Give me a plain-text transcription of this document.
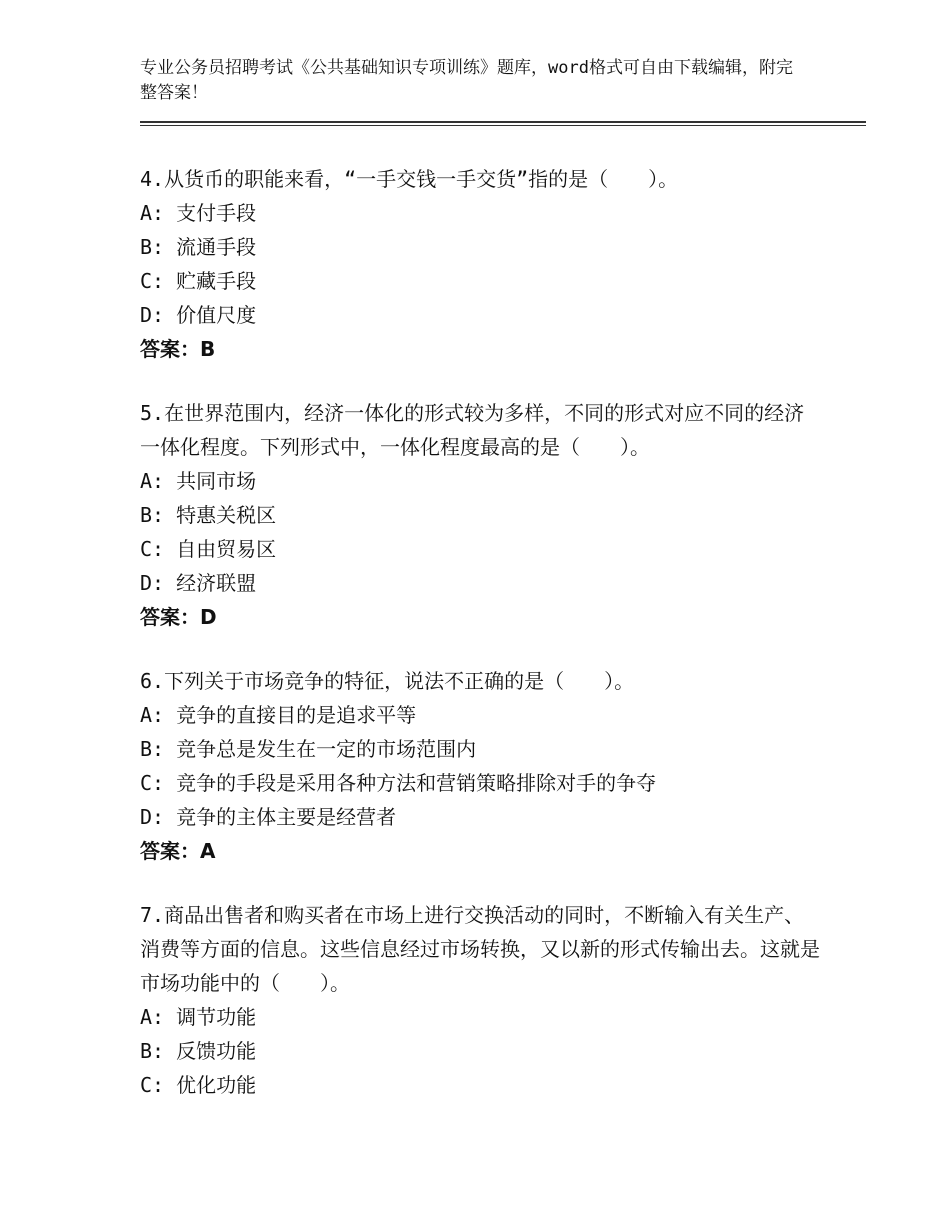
专业公务员招聘考试《公共基础知识专项训练》题库，word格式可自由下载编辑，附完整答案！

4.从货币的职能来看，“一手交钱一手交货”指的是（　　）。

A: 支付手段
B: 流通手段
C: 贮藏手段
D: 价值尺度
答案：B

5.在世界范围内，经济一体化的形式较为多样，不同的形式对应不同的经济一体化程度。下列形式中，一体化程度最高的是（　　）。

A: 共同市场
B: 特惠关税区
C: 自由贸易区
D: 经济联盟
答案：D

6.下列关于市场竞争的特征，说法不正确的是（　　）。

A: 竞争的直接目的是追求平等
B: 竞争总是发生在一定的市场范围内
C: 竞争的手段是采用各种方法和营销策略排除对手的争夺
D: 竞争的主体主要是经营者
答案：A

7.商品出售者和购买者在市场上进行交换活动的同时，不断输入有关生产、消费等方面的信息。这些信息经过市场转换，又以新的形式传输出去。这就是市场功能中的（　　）。

A: 调节功能
B: 反馈功能
C: 优化功能
